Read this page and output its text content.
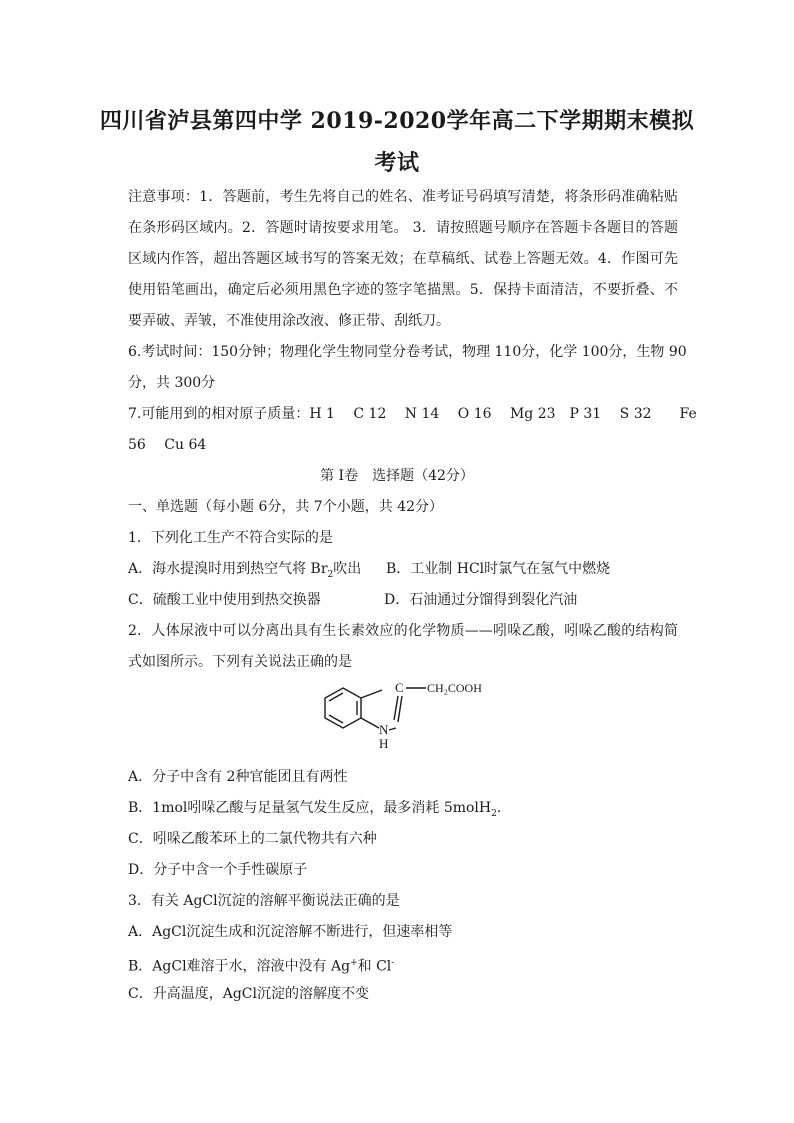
四川省泸县第四中学 2019-2020学年高二下学期期末模拟
考试
注意事项：1．答题前，考生先将自己的姓名、准考证号码填写清楚，将条形码准确粘贴
在条形码区域内。2．答题时请按要求用笔。 3．请按照题号顺序在答题卡各题目的答题
区域内作答，超出答题区域书写的答案无效；在草稿纸、试卷上答题无效。4．作图可先
使用铅笔画出，确定后必须用黑色字迹的签字笔描黑。5．保持卡面清洁，不要折叠、不
要弄破、弄皱，不准使用涂改液、修正带、刮纸刀。
6.考试时间：150分钟；物理化学生物同堂分卷考试，物理 110分，化学 100分，生物 90
分，共 300分
7.可能用到的相对原子质量：H 1　 C 12　 N 14　 O 16　 Mg 23　P 31　 S 32　　Fe
56　 Cu 64
第 I卷　选择题（42分）
一、单选题（每小题 6分，共 7个小题，共 42分）
1．下列化工生产不符合实际的是
A．海水提溴时用到热空气将 $Br_2$吹出	B．工业制 HCl时氯气在氢气中燃烧
C．硫酸工业中使用到热交换器	D．石油通过分馏得到裂化汽油
2．人体尿液中可以分离出具有生长素效应的化学物质——吲哚乙酸，吲哚乙酸的结构简
式如图所示。下列有关说法正确的是
C CH₂COOH
N
H
A．分子中含有 2种官能团且有两性
B．1mol吲哚乙酸与足量氢气发生反应，最多消耗 5molH$_2$.
C．吲哚乙酸苯环上的二氯代物共有六种
D．分子中含一个手性碳原子
3．有关 AgCl沉淀的溶解平衡说法正确的是
A．AgCl沉淀生成和沉淀溶解不断进行，但速率相等
B．AgCl难溶于水，溶液中没有 Ag+和 Cl-
C．升高温度，AgCl沉淀的溶解度不变
